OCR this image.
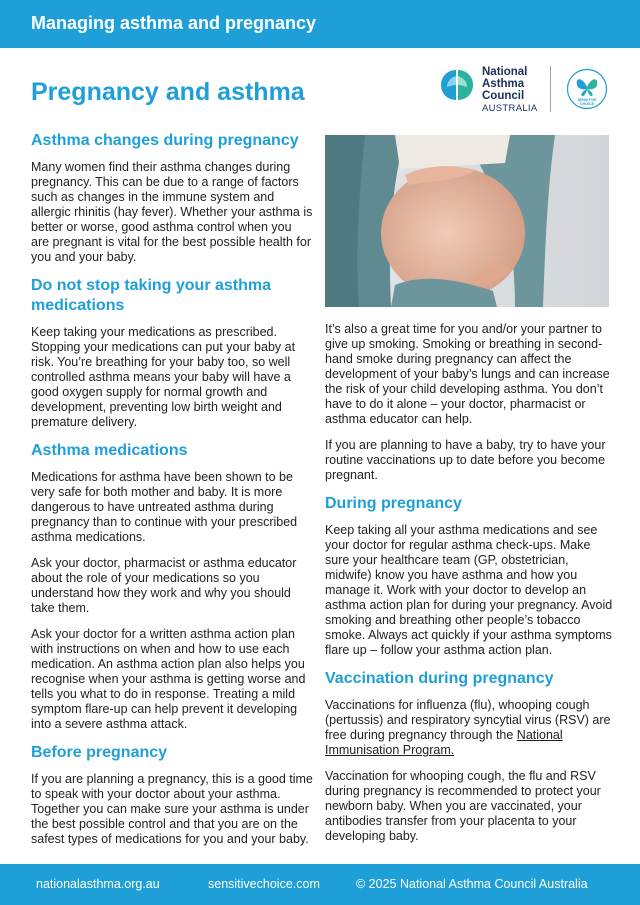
Managing asthma and pregnancy
Pregnancy and asthma
National
Asthma
Council
AUSTRALIA
SENSITIVE
CHOICE
Asthma changes during pregnancy

Many women find their asthma changes during pregnancy. This can be due to a range of factors such as changes in the immune system and allergic rhinitis (hay fever). Whether your asthma is better or worse, good asthma control when you are pregnant is vital for the best possible health for you and your baby.

Do not stop taking your asthma medications

Keep taking your medications as prescribed. Stopping your medications can put your baby at risk. You’re breathing for your baby too, so well controlled asthma means your baby will have a good oxygen supply for normal growth and development, preventing low birth weight and premature delivery.

Asthma medications

Medications for asthma have been shown to be very safe for both mother and baby. It is more dangerous to have untreated asthma during pregnancy than to continue with your prescribed asthma medications.

Ask your doctor, pharmacist or asthma educator about the role of your medications so you understand how they work and why you should take them.

Ask your doctor for a written asthma action plan with instructions on when and how to use each medication. An asthma action plan also helps you recognise when your asthma is getting worse and tells you what to do in response. Treating a mild symptom flare-up can help prevent it developing into a severe asthma attack.

Before pregnancy

If you are planning a pregnancy, this is a good time to speak with your doctor about your asthma. Together you can make sure your asthma is under the best possible control and that you are on the safest types of medications for you and your baby.

It’s also a great time for you and/or your partner to give up smoking. Smoking or breathing in second-hand smoke during pregnancy can affect the development of your baby’s lungs and can increase the risk of your child developing asthma. You don’t have to do it alone – your doctor, pharmacist or asthma educator can help.

If you are planning to have a baby, try to have your routine vaccinations up to date before you become pregnant.

During pregnancy

Keep taking all your asthma medications and see your doctor for regular asthma check-ups. Make sure your healthcare team (GP, obstetrician, midwife) know you have asthma and how you manage it. Work with your doctor to develop an asthma action plan for during your pregnancy. Avoid smoking and breathing other people’s tobacco smoke. Always act quickly if your asthma symptoms flare up – follow your asthma action plan.

Vaccination during pregnancy

Vaccinations for influenza (flu), whooping cough (pertussis) and respiratory syncytial virus (RSV) are free during pregnancy through the National Immunisation Program.

Vaccination for whooping cough, the flu and RSV during pregnancy is recommended to protect your newborn baby. When you are vaccinated, your antibodies transfer from your placenta to your developing baby.

nationalasthma.org.au	sensitivechoice.com	© 2025 National Asthma Council Australia
